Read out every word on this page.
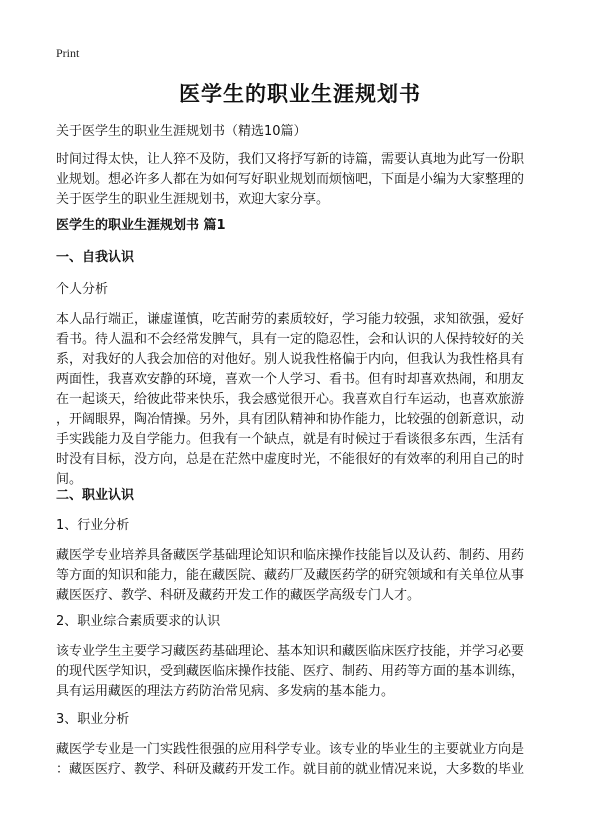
Print
医学生的职业生涯规划书
关于医学生的职业生涯规划书（精选10篇）
时间过得太快，让人猝不及防，我们又将抒写新的诗篇，需要认真地为此写一份职
业规划。想必许多人都在为如何写好职业规划而烦恼吧，下面是小编为大家整理的
关于医学生的职业生涯规划书，欢迎大家分享。
医学生的职业生涯规划书 篇1
一、自我认识
个人分析
本人品行端正，谦虚谨慎，吃苦耐劳的素质较好，学习能力较强，求知欲强，爱好
看书。待人温和不会经常发脾气，具有一定的隐忍性，会和认识的人保持较好的关
系，对我好的人我会加倍的对他好。别人说我性格偏于内向，但我认为我性格具有
两面性，我喜欢安静的环境，喜欢一个人学习、看书。但有时却喜欢热闹，和朋友
在一起谈天，给彼此带来快乐，我会感觉很开心。我喜欢自行车运动，也喜欢旅游
，开阔眼界，陶冶情操。另外，具有团队精神和协作能力，比较强的创新意识，动
手实践能力及自学能力。但我有一个缺点，就是有时候过于看谈很多东西，生活有
时没有目标，没方向，总是在茫然中虚度时光，不能很好的有效率的利用自己的时
间。
二、职业认识
1、行业分析
藏医学专业培养具备藏医学基础理论知识和临床操作技能旨以及认药、制药、用药
等方面的知识和能力，能在藏医院、藏药厂及藏医药学的研究领域和有关单位从事
藏医医疗、教学、科研及藏药开发工作的藏医学高级专门人才。
2、职业综合素质要求的认识
该专业学生主要学习藏医药基础理论、基本知识和藏医临床医疗技能，并学习必要
的现代医学知识，受到藏医临床操作技能、医疗、制药、用药等方面的基本训练，
具有运用藏医的理法方药防治常见病、多发病的基本能力。
3、职业分析
藏医学专业是一门实践性很强的应用科学专业。该专业的毕业生的主要就业方向是
：藏医医疗、教学、科研及藏药开发工作。就目前的就业情况来说，大多数的毕业
